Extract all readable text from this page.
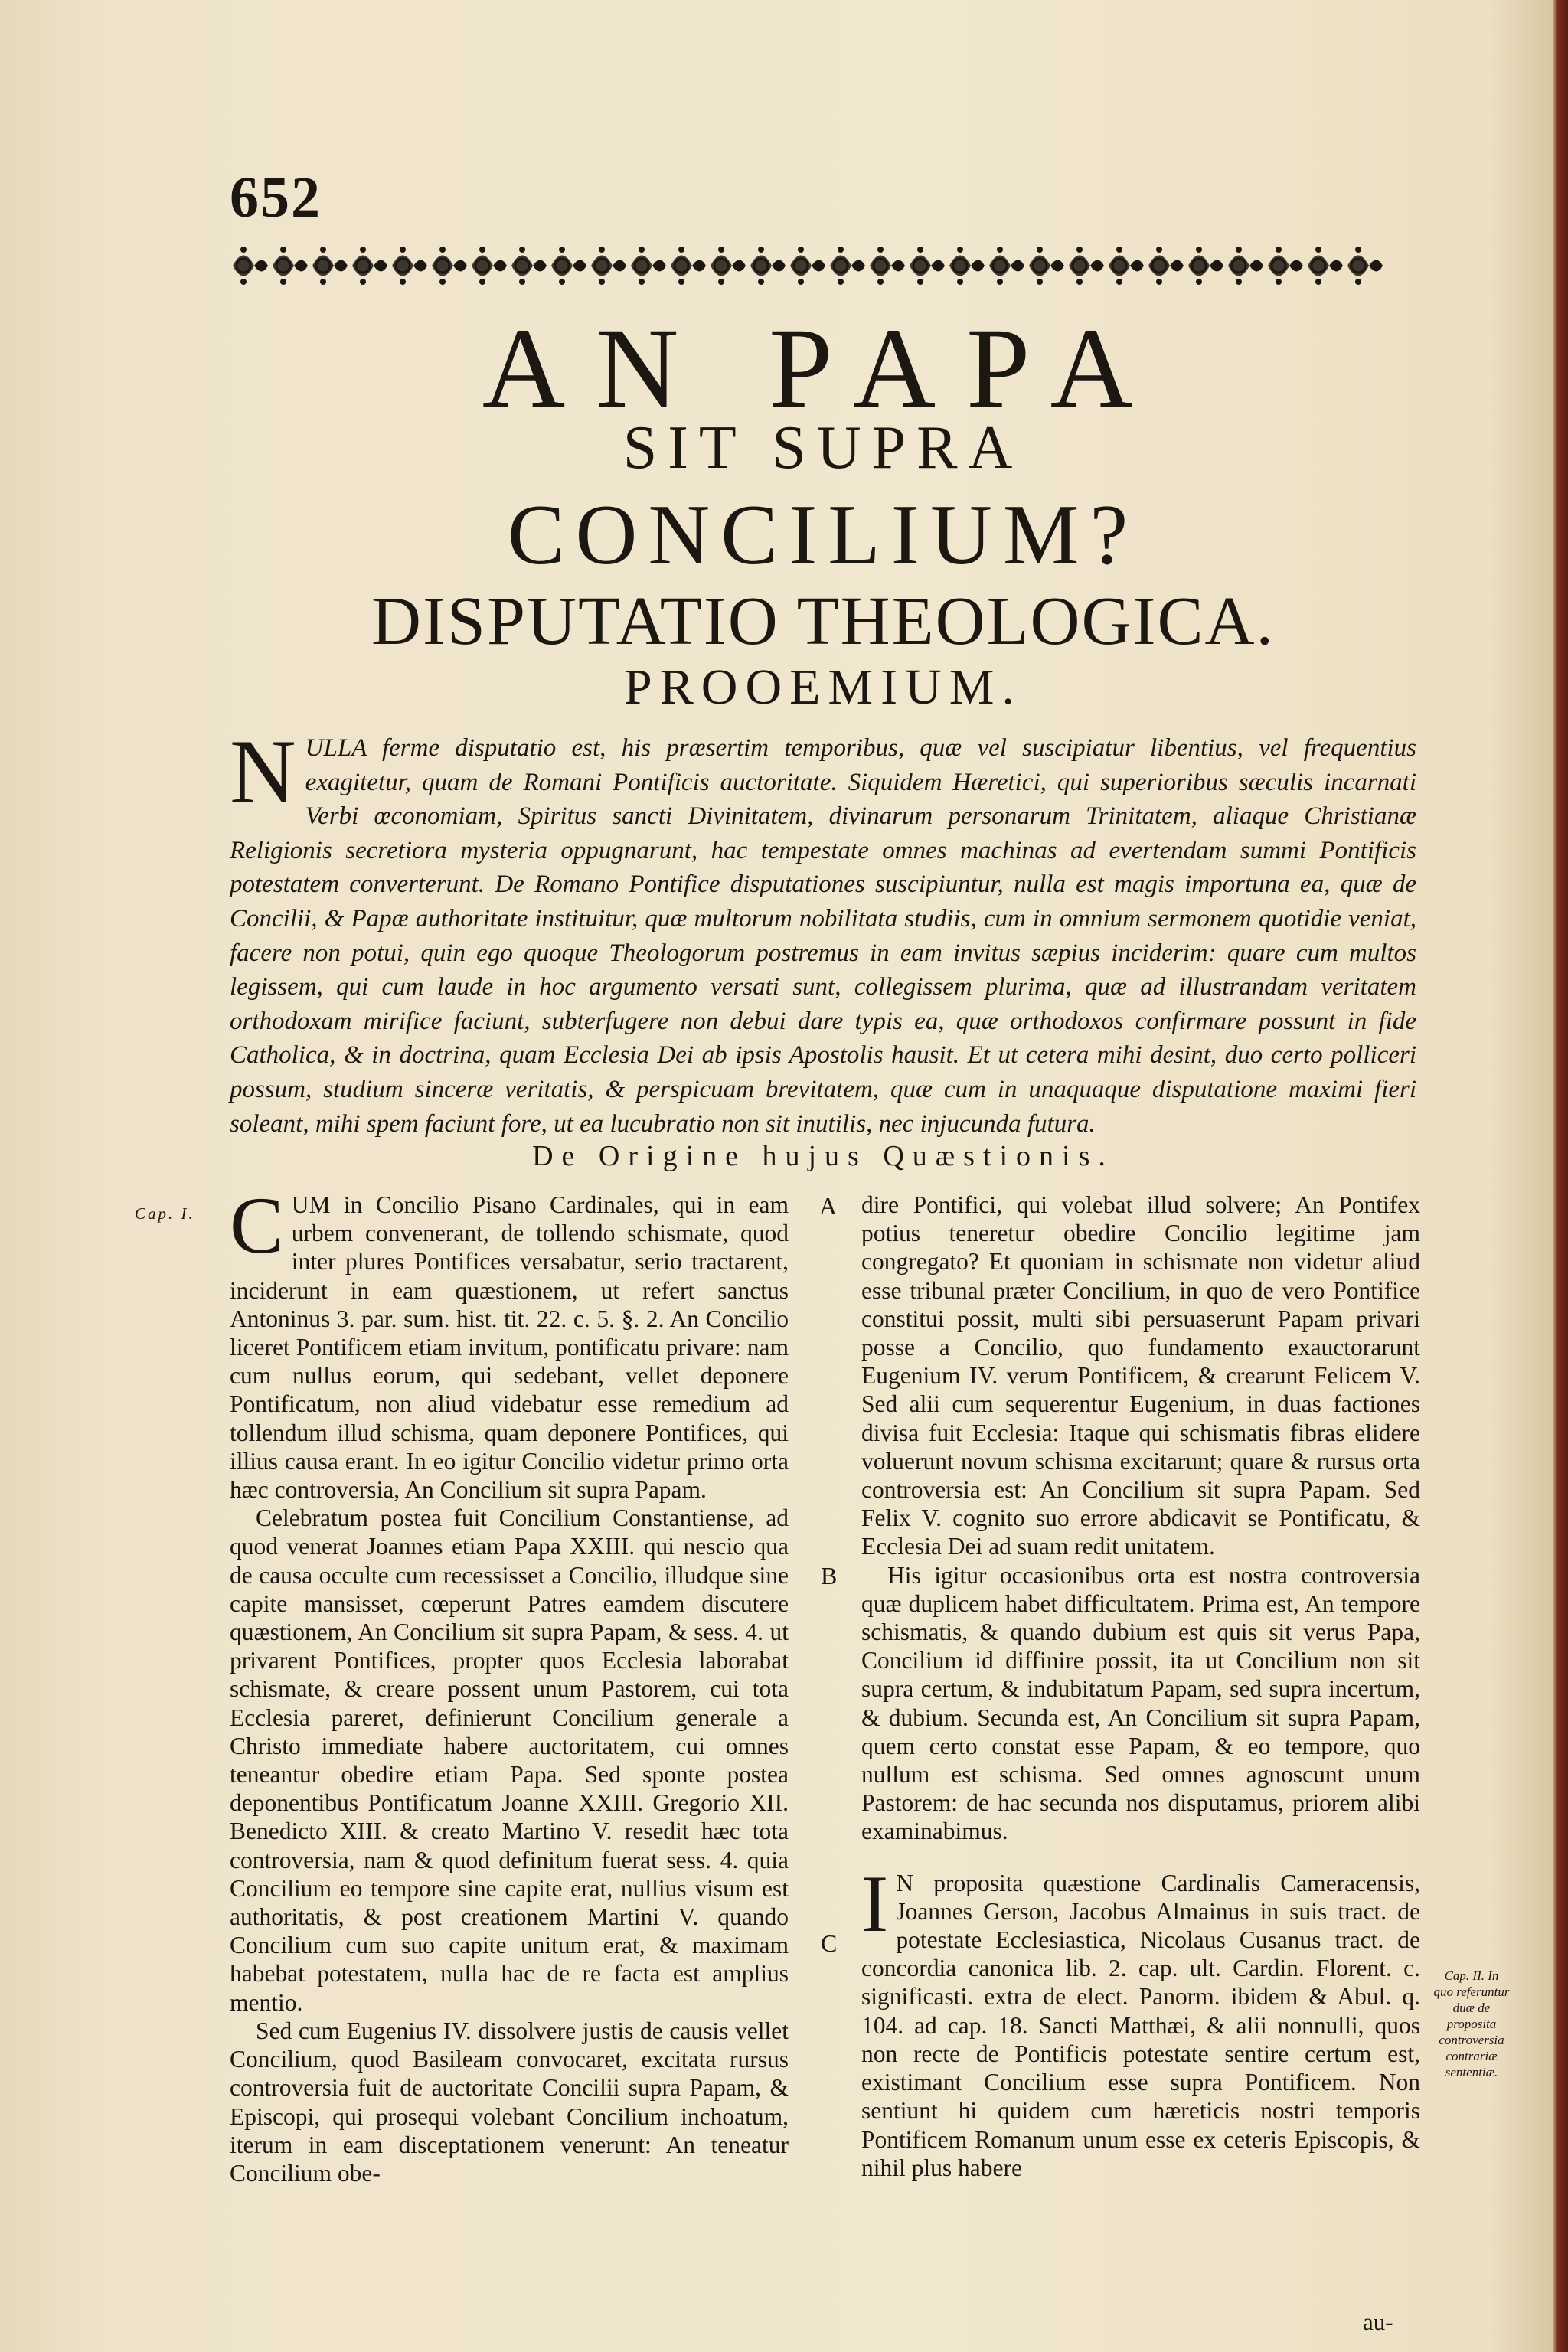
652
AN PAPA
SIT SUPRA
CONCILIUM?
DISPUTATIO THEOLOGICA.
PROOEMIUM.
N ULLA ferme disputatio est, his præsertim temporibus, quæ vel suscipiatur libentius, vel frequentius exagitetur, quam de Romani Pontificis auctoritate. Siquidem Hæretici, qui superioribus sæculis incarnati Verbi œconomiam, Spiritus sancti Divinitatem, divinarum personarum Trinitatem, aliaque Christianæ Religionis secretiora mysteria oppugnarunt, hac tempestate omnes machinas ad evertendam summi Pontificis potestatem converterunt. De Romano Pontifice disputationes suscipiuntur, nulla est magis importuna ea, quæ de Concilii, & Papæ authoritate instituitur, quæ multorum nobilitata studiis, cum in omnium sermonem quotidie veniat, facere non potui, quin ego quoque Theologorum postremus in eam invitus sæpius inciderim: quare cum multos legissem, qui cum laude in hoc argumento versati sunt, collegissem plurima, quæ ad illustrandam veritatem orthodoxam mirifice faciunt, subterfugere non debui dare typis ea, quæ orthodoxos confirmare possunt in fide Catholica, & in doctrina, quam Ecclesia Dei ab ipsis Apostolis hausit. Et ut cetera mihi desint, duo certo polliceri possum, studium sinceræ veritatis, & perspicuam brevitatem, quæ cum in unaquaque disputatione maximi fieri soleant, mihi spem faciunt fore, ut ea lucubratio non sit inutilis, nec injucunda futura.
De Origine hujus Quæstionis.
Cap. I.	A
B
C
Cap. II. In quo referuntur duæ de proposita controversia contrariæ sententiæ.

CUM in Concilio Pisano Cardinales, qui in eam urbem convenerant, de tollendo schismate, quod inter plures Pontifices versabatur, serio tractarent, inciderunt in eam quæstionem, ut refert sanctus Antoninus 3. par. sum. hist. tit. 22. c. 5. §. 2. An Concilio liceret Pontificem etiam invitum, pontificatu privare: nam cum nullus eorum, qui sedebant, vellet deponere Pontificatum, non aliud videbatur esse remedium ad tollendum illud schisma, quam deponere Pontifices, qui illius causa erant. In eo igitur Concilio videtur primo orta hæc controversia, An Concilium sit supra Papam.

Celebratum postea fuit Concilium Constantiense, ad quod venerat Joannes etiam Papa XXIII. qui nescio qua de causa occulte cum recessisset a Concilio, illudque sine capite mansisset, cœperunt Patres eamdem discutere quæstionem, An Concilium sit supra Papam, & sess. 4. ut privarent Pontifices, propter quos Ecclesia laborabat schismate, & creare possent unum Pastorem, cui tota Ecclesia pareret, definierunt Concilium generale a Christo immediate habere auctoritatem, cui omnes teneantur obedire etiam Papa. Sed sponte postea deponentibus Pontificatum Joanne XXIII. Gregorio XII. Benedicto XIII. & creato Martino V. resedit hæc tota controversia, nam & quod definitum fuerat sess. 4. quia Concilium eo tempore sine capite erat, nullius visum est authoritatis, & post creationem Martini V. quando Concilium cum suo capite unitum erat, & maximam habebat potestatem, nulla hac de re facta est amplius mentio.

Sed cum Eugenius IV. dissolvere justis de causis vellet Concilium, quod Basileam convocaret, excitata rursus controversia fuit de auctoritate Concilii supra Papam, & Episcopi, qui prosequi volebant Concilium inchoatum, iterum in eam disceptationem venerunt: An teneatur Concilium obe-

dire Pontifici, qui volebat illud solvere; An Pontifex potius teneretur obedire Concilio legitime jam congregato? Et quoniam in schismate non videtur aliud esse tribunal præter Concilium, in quo de vero Pontifice constitui possit, multi sibi persuaserunt Papam privari posse a Concilio, quo fundamento exauctorarunt Eugenium IV. verum Pontificem, & crearunt Felicem V. Sed alii cum sequerentur Eugenium, in duas factiones divisa fuit Ecclesia: Itaque qui schismatis fibras elidere voluerunt novum schisma excitarunt; quare & rursus orta controversia est: An Concilium sit supra Papam. Sed Felix V. cognito suo errore abdicavit se Pontificatu, & Ecclesia Dei ad suam redit unitatem.

His igitur occasionibus orta est nostra controversia quæ duplicem habet difficultatem. Prima est, An tempore schismatis, & quando dubium est quis sit verus Papa, Concilium id diffinire possit, ita ut Concilium non sit supra certum, & indubitatum Papam, sed supra incertum, & dubium. Secunda est, An Concilium sit supra Papam, quem certo constat esse Papam, & eo tempore, quo nullum est schisma. Sed omnes agnoscunt unum Pastorem: de hac secunda nos disputamus, priorem alibi examinabimus.

I N proposita quæstione Cardinalis Cameracensis, Joannes Gerson, Jacobus Almainus in suis tract. de potestate Ecclesiastica, Nicolaus Cusanus tract. de concordia canonica lib. 2. cap. ult. Cardin. Florent. c. significasti. extra de elect. Panorm. ibidem & Abul. q. 104. ad cap. 18. Sancti Matthæi, & alii nonnulli, quos non recte de Pontificis potestate sentire certum est, existimant Concilium esse supra Pontificem. Non sentiunt hi quidem cum hæreticis nostri temporis Pontificem Romanum unum esse ex ceteris Episcopis, & nihil plus habere

au-
